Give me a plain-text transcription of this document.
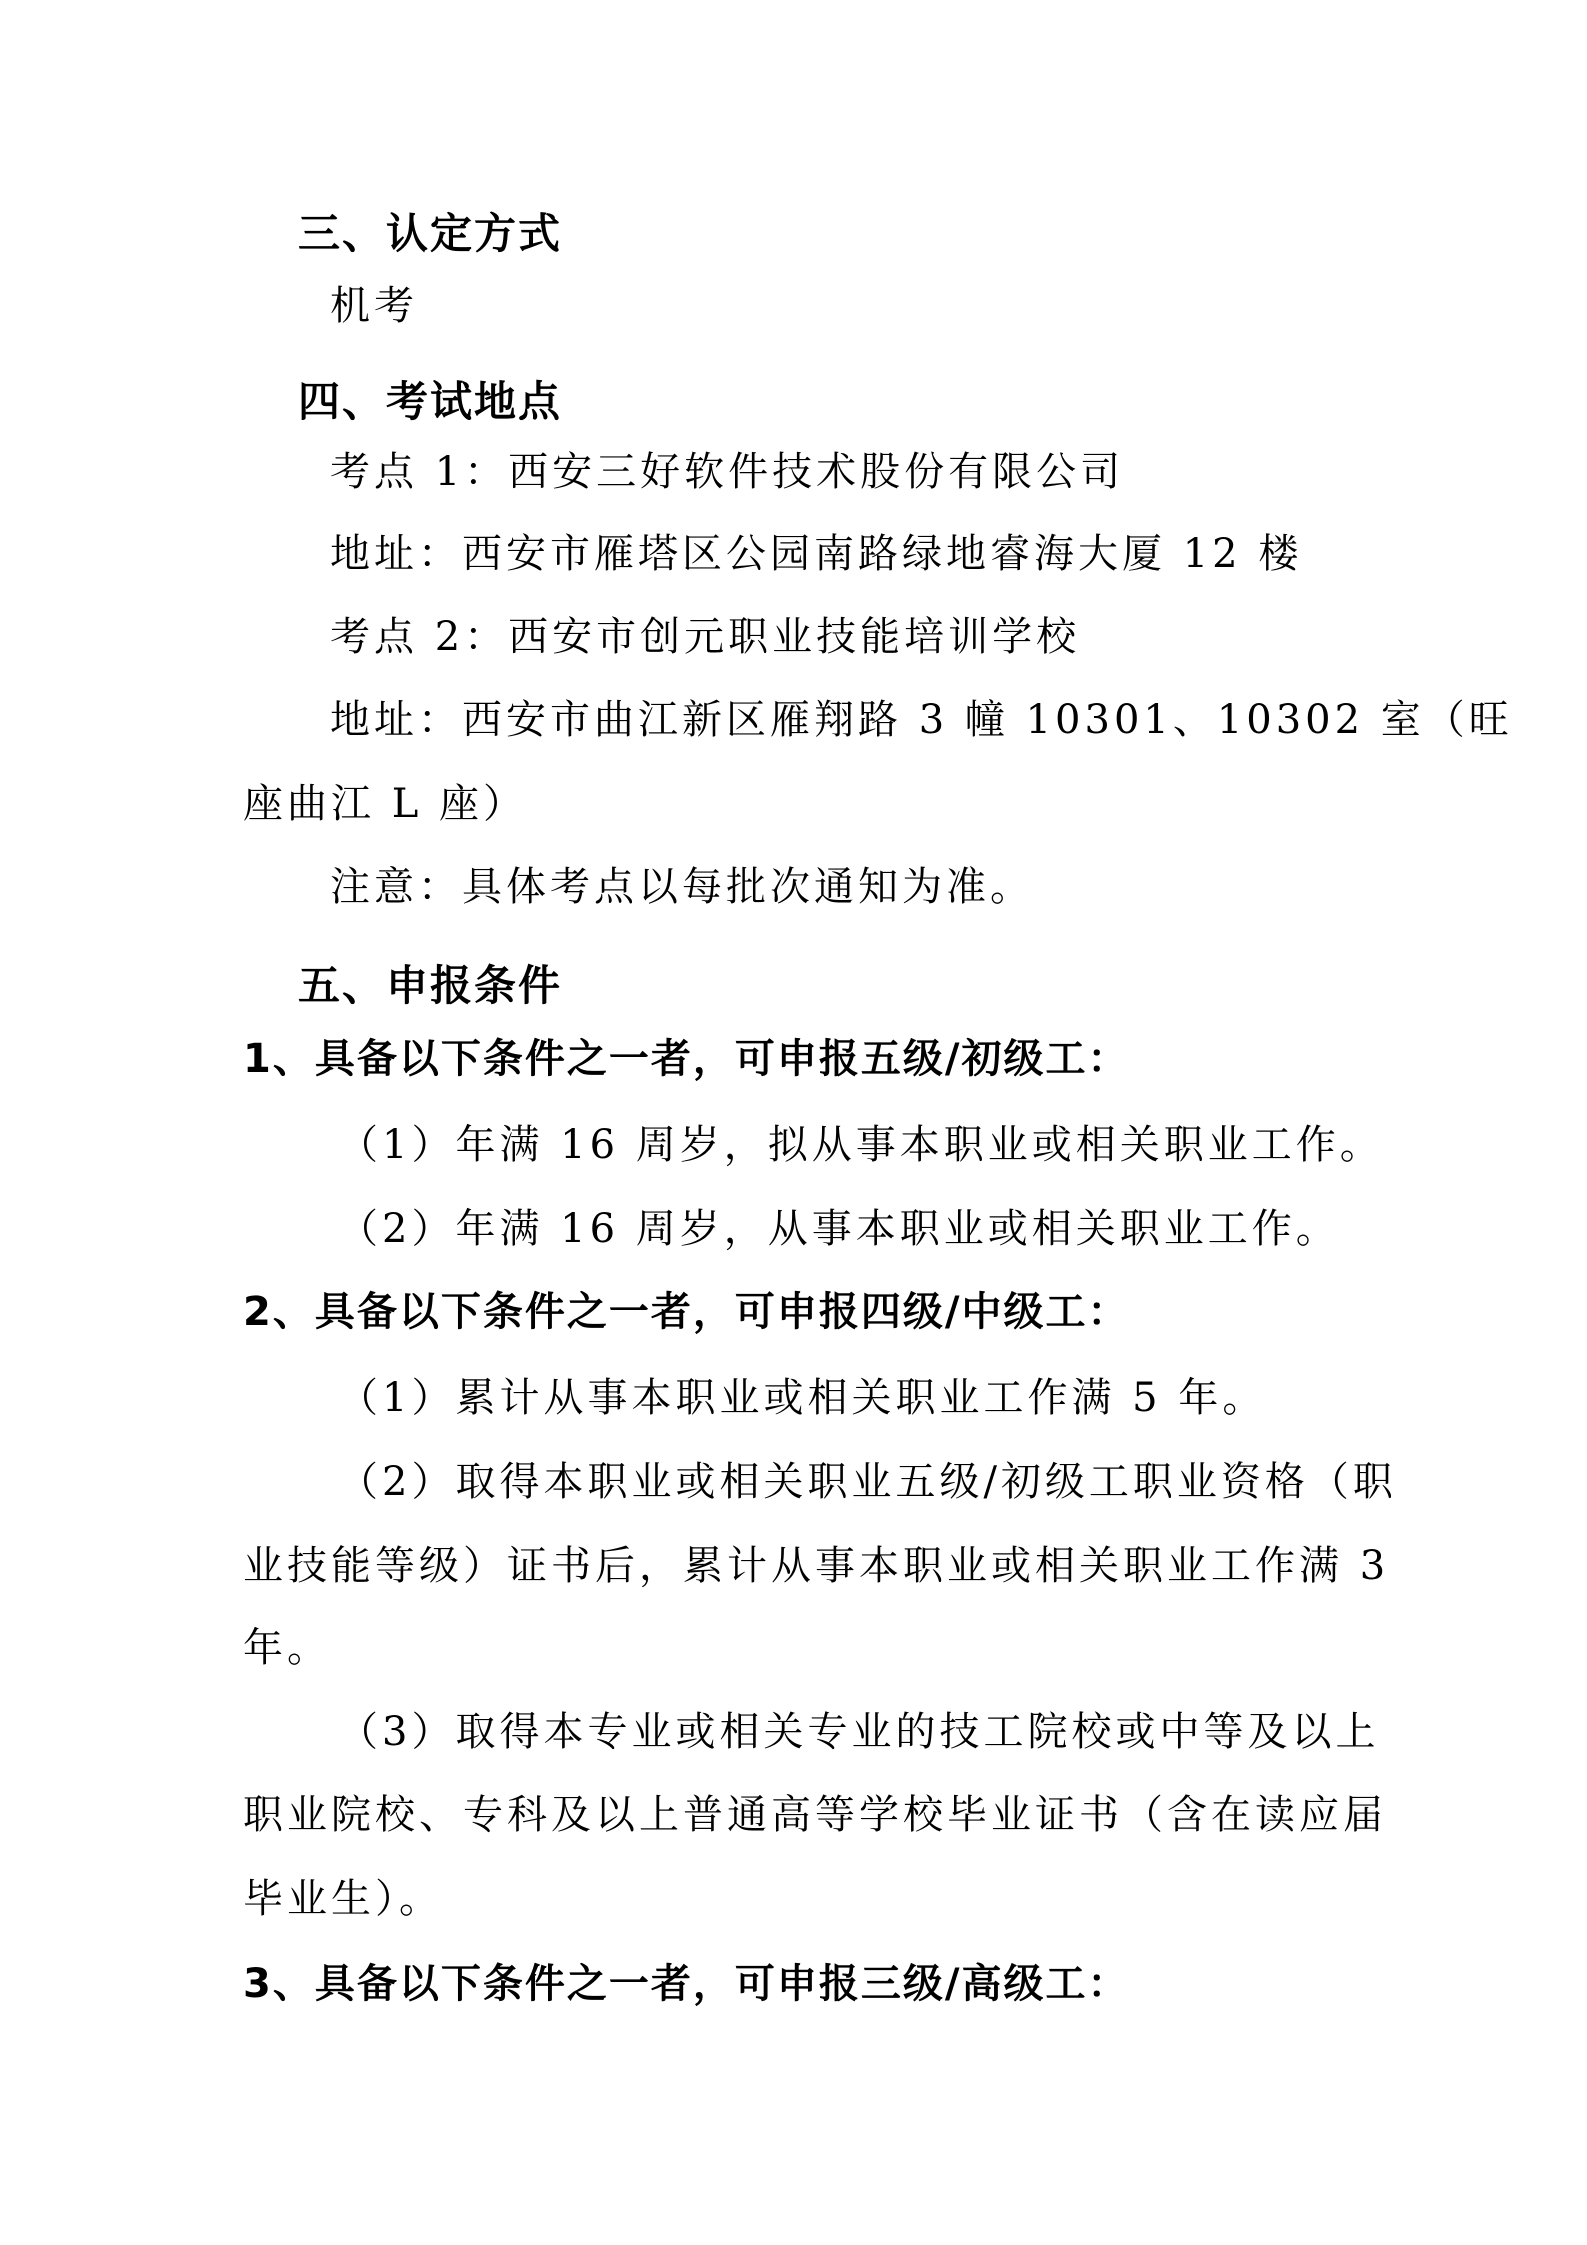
三、认定方式
机考
四、考试地点
考点 1：西安三好软件技术股份有限公司
地址：西安市雁塔区公园南路绿地睿海大厦 12 楼
考点 2：西安市创元职业技能培训学校
地址：西安市曲江新区雁翔路 3 幢 10301、10302 室（旺
座曲江 L 座）
注意：具体考点以每批次通知为准。
五、申报条件
1、具备以下条件之一者，可申报五级/初级工：
（1）年满 16 周岁，拟从事本职业或相关职业工作。
（2）年满 16 周岁，从事本职业或相关职业工作。
2、具备以下条件之一者，可申报四级/中级工：
（1）累计从事本职业或相关职业工作满 5 年。
（2）取得本职业或相关职业五级/初级工职业资格（职
业技能等级）证书后，累计从事本职业或相关职业工作满 3
年。
（3）取得本专业或相关专业的技工院校或中等及以上
职业院校、专科及以上普通高等学校毕业证书（含在读应届
毕业生）。
3、具备以下条件之一者，可申报三级/高级工：
